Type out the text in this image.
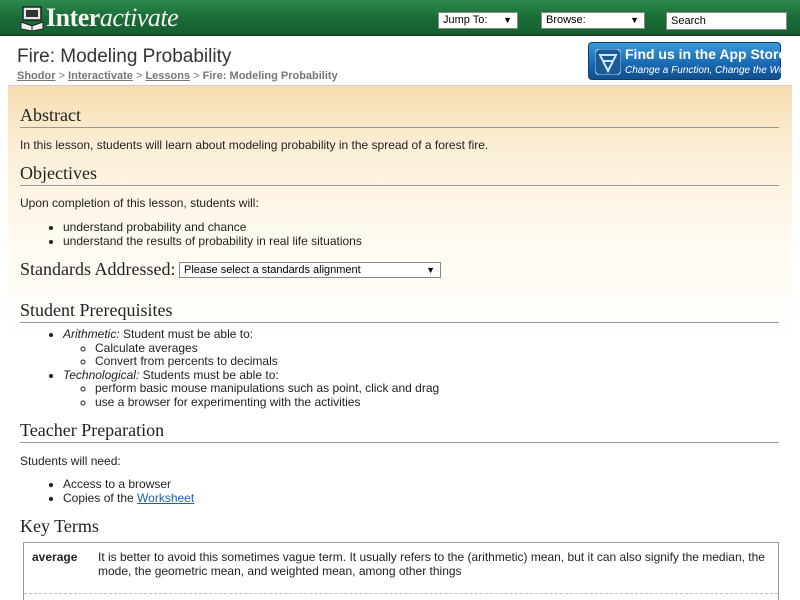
Interactivate	Jump To: ▼	Browse:	▼	Search
Fire: Modeling Probability
Shodor > Interactivate > Lessons > Fire: Modeling Probability
Find us in the App Store.
Change a Function, Change the World
Abstract
In this lesson, students will learn about modeling probability in the spread of a forest fire.
Objectives
Upon completion of this lesson, students will:
• understand probability and chance
• understand the results of probability in real life situations
Standards Addressed: Please select a standards alignment	▼
Student Prerequisites
• Arithmetic: Student must be able to:
◦ Calculate averages
◦ Convert from percents to decimals
• Technological: Students must be able to:
◦ perform basic mouse manipulations such as point, click and drag
◦ use a browser for experimenting with the activities
Teacher Preparation
Students will need:
• Access to a browser
• Copies of the Worksheet
Key Terms
average It is better to avoid this sometimes vague term. It usually refers to the (arithmetic) mean, but it can also signify the median, the mode, the geometric mean, and weighted mean, among other things
